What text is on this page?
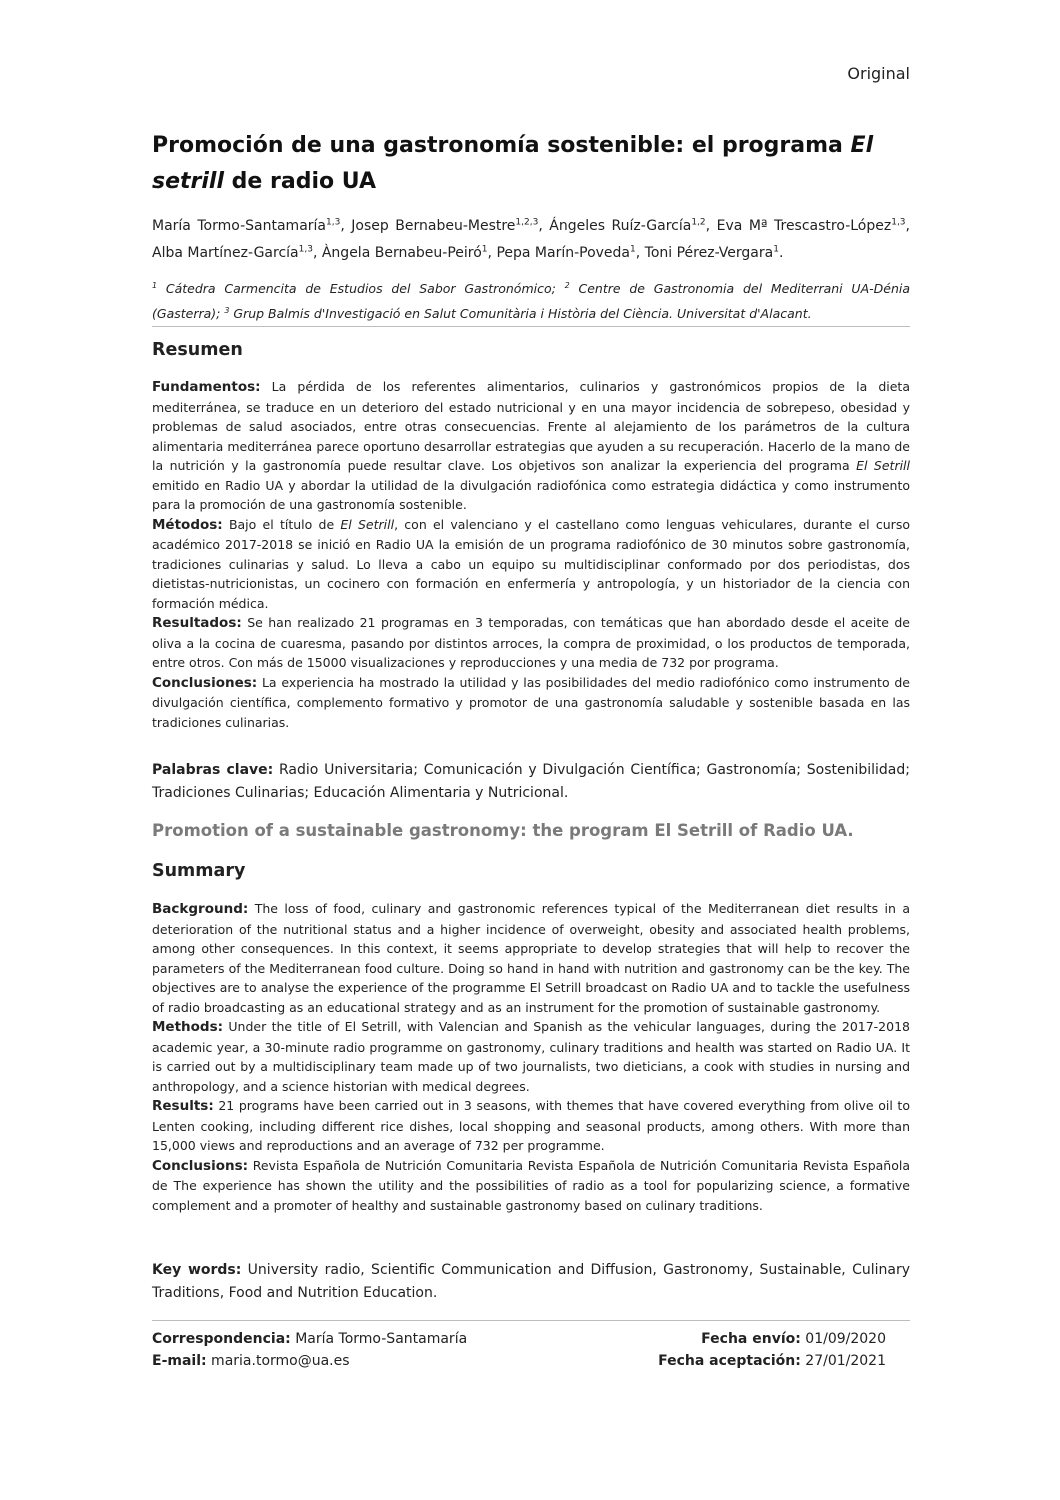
Original
Promoción de una gastronomía sostenible: el programa El setrill de radio UA
María Tormo-Santamaría$^{1,3}$, Josep Bernabeu-Mestre$^{1,2,3}$, Ángeles Ruíz-García$^{1,2}$, Eva Mª Trescastro-López$^{1,3}$, Alba Martínez-García$^{1,3}$, Àngela Bernabeu-Peiró$^1$, Pepa Marín-Poveda$^1$, Toni Pérez-Vergara$^1$.
$^1$ Cátedra Carmencita de Estudios del Sabor Gastronómico; $^2$ Centre de Gastronomia del Mediterrani UA-Dénia (Gasterra); $^3$ Grup Balmis d'Investigació en Salut Comunitària i Història del Ciència. Universitat d'Alacant.
Resumen

Fundamentos: La pérdida de los referentes alimentarios, culinarios y gastronómicos propios de la dieta mediterránea, se traduce en un deterioro del estado nutricional y en una mayor incidencia de sobrepeso, obesidad y problemas de salud asociados, entre otras consecuencias. Frente al alejamiento de los parámetros de la cultura alimentaria mediterránea parece oportuno desarrollar estrategias que ayuden a su recuperación. Hacerlo de la mano de la nutrición y la gastronomía puede resultar clave. Los objetivos son analizar la experiencia del programa El Setrill emitido en Radio UA y abordar la utilidad de la divulgación radiofónica como estrategia didáctica y como instrumento para la promoción de una gastronomía sostenible.

Métodos: Bajo el título de El Setrill, con el valenciano y el castellano como lenguas vehiculares, durante el curso académico 2017-2018 se inició en Radio UA la emisión de un programa radiofónico de 30 minutos sobre gastronomía, tradiciones culinarias y salud. Lo lleva a cabo un equipo su multidisciplinar conformado por dos periodistas, dos dietistas-nutricionistas, un cocinero con formación en enfermería y antropología, y un historiador de la ciencia con formación médica.

Resultados: Se han realizado 21 programas en 3 temporadas, con temáticas que han abordado desde el aceite de oliva a la cocina de cuaresma, pasando por distintos arroces, la compra de proximidad, o los productos de temporada, entre otros. Con más de 15000 visualizaciones y reproducciones y una media de 732 por programa.

Conclusiones: La experiencia ha mostrado la utilidad y las posibilidades del medio radiofónico como instrumento de divulgación científica, complemento formativo y promotor de una gastronomía saludable y sostenible basada en las tradiciones culinarias.

Palabras clave: Radio Universitaria; Comunicación y Divulgación Científica; Gastronomía; Sostenibilidad; Tradiciones Culinarias; Educación Alimentaria y Nutricional.

Promotion of a sustainable gastronomy: the program El Setrill of Radio UA.
Summary

Background: The loss of food, culinary and gastronomic references typical of the Mediterranean diet results in a deterioration of the nutritional status and a higher incidence of overweight, obesity and associated health problems, among other consequences. In this context, it seems appropriate to develop strategies that will help to recover the parameters of the Mediterranean food culture. Doing so hand in hand with nutrition and gastronomy can be the key. The objectives are to analyse the experience of the programme El Setrill broadcast on Radio UA and to tackle the usefulness of radio broadcasting as an educational strategy and as an instrument for the promotion of sustainable gastronomy.

Methods: Under the title of El Setrill, with Valencian and Spanish as the vehicular languages, during the 2017-2018 academic year, a 30-minute radio programme on gastronomy, culinary traditions and health was started on Radio UA. It is carried out by a multidisciplinary team made up of two journalists, two dieticians, a cook with studies in nursing and anthropology, and a science historian with medical degrees.

Results: 21 programs have been carried out in 3 seasons, with themes that have covered everything from olive oil to Lenten cooking, including different rice dishes, local shopping and seasonal products, among others. With more than 15,000 views and reproductions and an average of 732 per programme.

Conclusions: Revista Española de Nutrición Comunitaria Revista Española de Nutrición Comunitaria Revista Española de The experience has shown the utility and the possibilities of radio as a tool for popularizing science, a formative complement and a promoter of healthy and sustainable gastronomy based on culinary traditions.

Key words: University radio, Scientific Communication and Diffusion, Gastronomy, Sustainable, Culinary Traditions, Food and Nutrition Education.

Correspondencia: María Tormo-Santamaría	Fecha envío: 01/09/2020
E-mail: maria.tormo@ua.es	Fecha aceptación: 27/01/2021
